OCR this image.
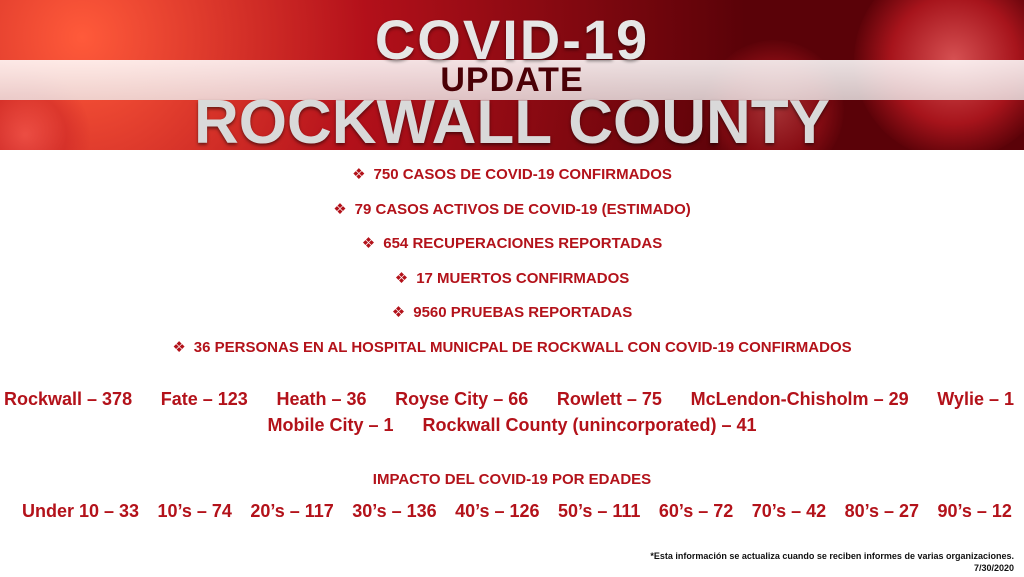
COVID-19
UPDATE
ROCKWALL COUNTY
❖ 750 CASOS DE COVID-19 CONFIRMADOS
❖ 79 CASOS ACTIVOS DE COVID-19 (ESTIMADO)
❖ 654 RECUPERACIONES REPORTADAS
❖ 17 MUERTOS CONFIRMADOS
❖ 9560 PRUEBAS REPORTADAS
❖ 36 PERSONAS EN AL HOSPITAL MUNICPAL DE ROCKWALL CON COVID-19 CONFIRMADOS
Rockwall – 378 Fate – 123 Heath – 36 Royse City – 66 Rowlett – 75 McLendon-Chisholm – 29 Wylie – 1
Mobile City – 1 Rockwall County (unincorporated) – 41
IMPACTO DEL COVID-19 POR EDADES
Under 10 – 33 10’s – 74 20’s – 117 30’s – 136 40’s – 126 50’s – 111 60’s – 72 70’s – 42 80’s – 27 90’s – 12
*Esta información se actualiza cuando se reciben informes de varias organizaciones.
7/30/2020
